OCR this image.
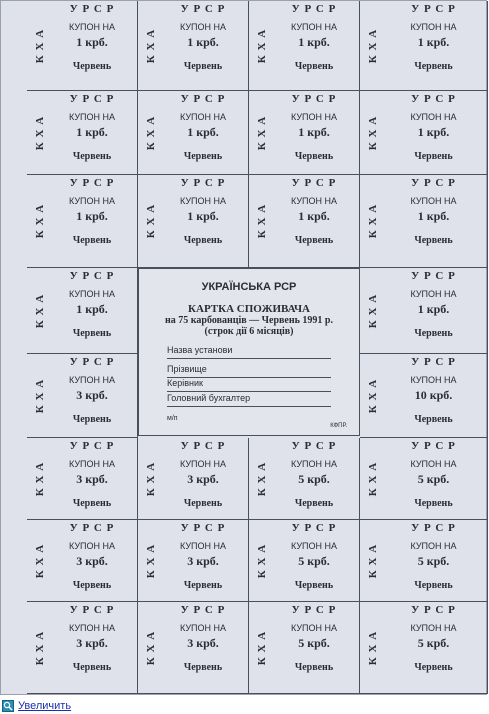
К Х А
У Р С Р
КУПОН НА
1 крб.
Червень
К Х А
У Р С Р
КУПОН НА
1 крб.
Червень
К Х А
У Р С Р
КУПОН НА
1 крб.
Червень
К Х А
У Р С Р
КУПОН НА
1 крб.
Червень
К Х А
У Р С Р
КУПОН НА
1 крб.
Червень
К Х А
У Р С Р
КУПОН НА
1 крб.
Червень
К Х А
У Р С Р
КУПОН НА
1 крб.
Червень
К Х А
У Р С Р
КУПОН НА
1 крб.
Червень
К Х А
У Р С Р
КУПОН НА
1 крб.
Червень
К Х А
У Р С Р
КУПОН НА
1 крб.
Червень
К Х А
У Р С Р
КУПОН НА
1 крб.
Червень
К Х А
У Р С Р
КУПОН НА
1 крб.
Червень
К Х А
У Р С Р
КУПОН НА
1 крб.
Червень
К Х А
У Р С Р
КУПОН НА
1 крб.
Червень
К Х А
У Р С Р
КУПОН НА
3 крб.
Червень
К Х А
У Р С Р
КУПОН НА
10 крб.
Червень
К Х А
У Р С Р
КУПОН НА
3 крб.
Червень
К Х А
У Р С Р
КУПОН НА
3 крб.
Червень
К Х А
У Р С Р
КУПОН НА
5 крб.
Червень
К Х А
У Р С Р
КУПОН НА
5 крб.
Червень
К Х А
У Р С Р
КУПОН НА
3 крб.
Червень
К Х А
У Р С Р
КУПОН НА
3 крб.
Червень
К Х А
У Р С Р
КУПОН НА
5 крб.
Червень
К Х А
У Р С Р
КУПОН НА
5 крб.
Червень
К Х А
У Р С Р
КУПОН НА
3 крб.
Червень
К Х А
У Р С Р
КУПОН НА
3 крб.
Червень
К Х А
У Р С Р
КУПОН НА
5 крб.
Червень
К Х А
У Р С Р
КУПОН НА
5 крб.
Червень
УКРАЇНСЬКА РСР
КАРТКА СПОЖИВАЧА
на 75 карбованців — Червень 1991 р.
(строк дії 6 місяців)
Назва установи
Прізвище
Керівник
Головний бухгалтер
м/п
КФПР.
Увеличить
